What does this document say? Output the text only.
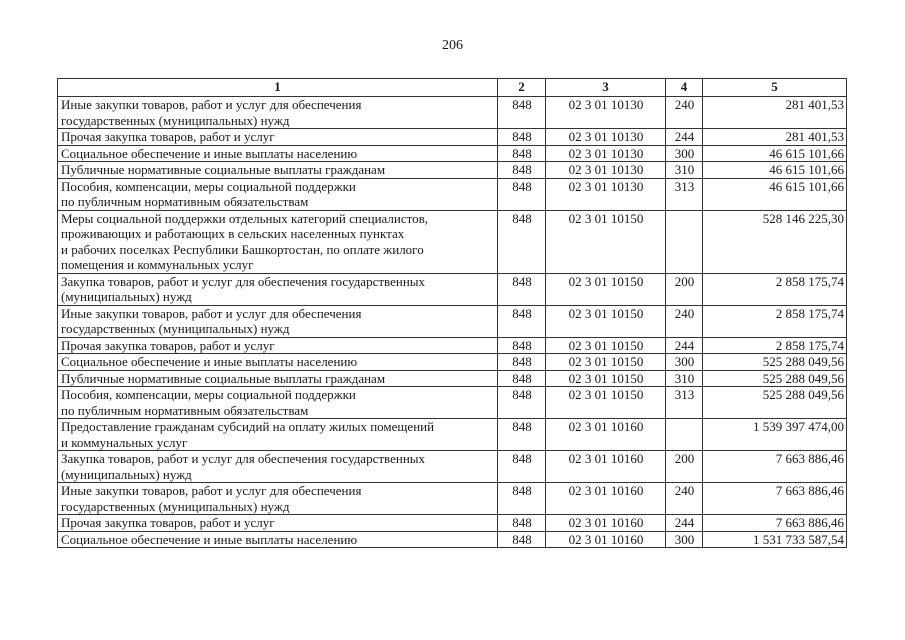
206
1	2	3	4	5
Иные закупки товаров, работ и услуг для обеспечения
государственных (муниципальных) нужд	848	02 3 01 10130	240	281 401,53
Прочая закупка товаров, работ и услуг	848	02 3 01 10130	244	281 401,53
Социальное обеспечение и иные выплаты населению	848	02 3 01 10130	300	46 615 101,66
Публичные нормативные социальные выплаты гражданам	848	02 3 01 10130	310	46 615 101,66
Пособия, компенсации, меры социальной поддержки
по публичным нормативным обязательствам	848	02 3 01 10130	313	46 615 101,66
Меры социальной поддержки отдельных категорий специалистов,
проживающих и работающих в сельских населенных пунктах
и рабочих поселках Республики Башкортостан, по оплате жилого
помещения и коммунальных услуг	848	02 3 01 10150		528 146 225,30
Закупка товаров, работ и услуг для обеспечения государственных
(муниципальных) нужд	848	02 3 01 10150	200	2 858 175,74
Иные закупки товаров, работ и услуг для обеспечения
государственных (муниципальных) нужд	848	02 3 01 10150	240	2 858 175,74
Прочая закупка товаров, работ и услуг	848	02 3 01 10150	244	2 858 175,74
Социальное обеспечение и иные выплаты населению	848	02 3 01 10150	300	525 288 049,56
Публичные нормативные социальные выплаты гражданам	848	02 3 01 10150	310	525 288 049,56
Пособия, компенсации, меры социальной поддержки
по публичным нормативным обязательствам	848	02 3 01 10150	313	525 288 049,56
Предоставление гражданам субсидий на оплату жилых помещений
и коммунальных услуг	848	02 3 01 10160		1 539 397 474,00
Закупка товаров, работ и услуг для обеспечения государственных
(муниципальных) нужд	848	02 3 01 10160	200	7 663 886,46
Иные закупки товаров, работ и услуг для обеспечения
государственных (муниципальных) нужд	848	02 3 01 10160	240	7 663 886,46
Прочая закупка товаров, работ и услуг	848	02 3 01 10160	244	7 663 886,46
Социальное обеспечение и иные выплаты населению	848	02 3 01 10160	300	1 531 733 587,54
